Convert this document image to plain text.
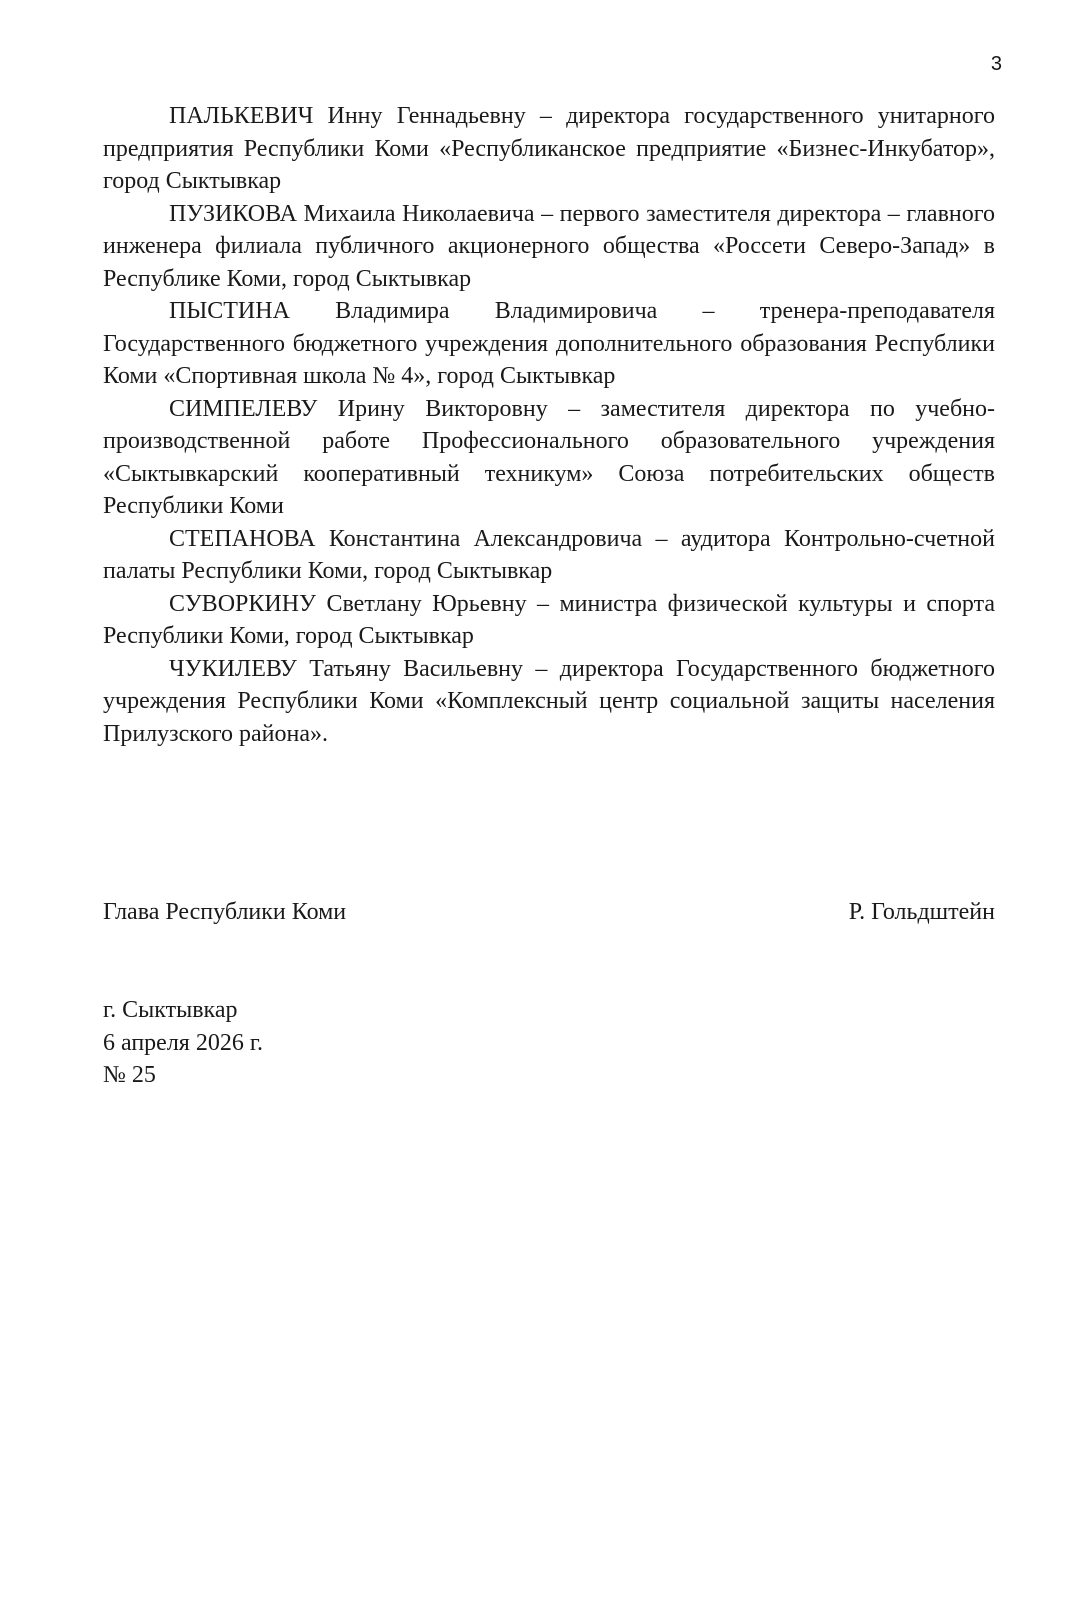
3

ПАЛЬКЕВИЧ Инну Геннадьевну – директора государственного унитарного предприятия Республики Коми «Республиканское предприятие «Бизнес-Инкубатор», город Сыктывкар

ПУЗИКОВА Михаила Николаевича – первого заместителя директора – главного инженера филиала публичного акционерного общества «Россети Северо-Запад» в Республике Коми, город Сыктывкар

ПЫСТИНА Владимира Владимировича – тренера-преподавателя Государственного бюджетного учреждения дополнительного образования Республики Коми «Спортивная школа № 4», город Сыктывкар

СИМПЕЛЕВУ Ирину Викторовну – заместителя директора по учебно-производственной работе Профессионального образовательного учреждения «Сыктывкарский кооперативный техникум» Союза потребительских обществ Республики Коми

СТЕПАНОВА Константина Александровича – аудитора Контрольно-счетной палаты Республики Коми, город Сыктывкар

СУВОРКИНУ Светлану Юрьевну – министра физической культуры и спорта Республики Коми, город Сыктывкар

ЧУКИЛЕВУ Татьяну Васильевну – директора Государственного бюджетного учреждения Республики Коми «Комплексный центр социальной защиты населения Прилузского района».

Глава Республики Коми	Р. Гольдштейн
г. Сыктывкар
6 апреля 2026 г.
№ 25
